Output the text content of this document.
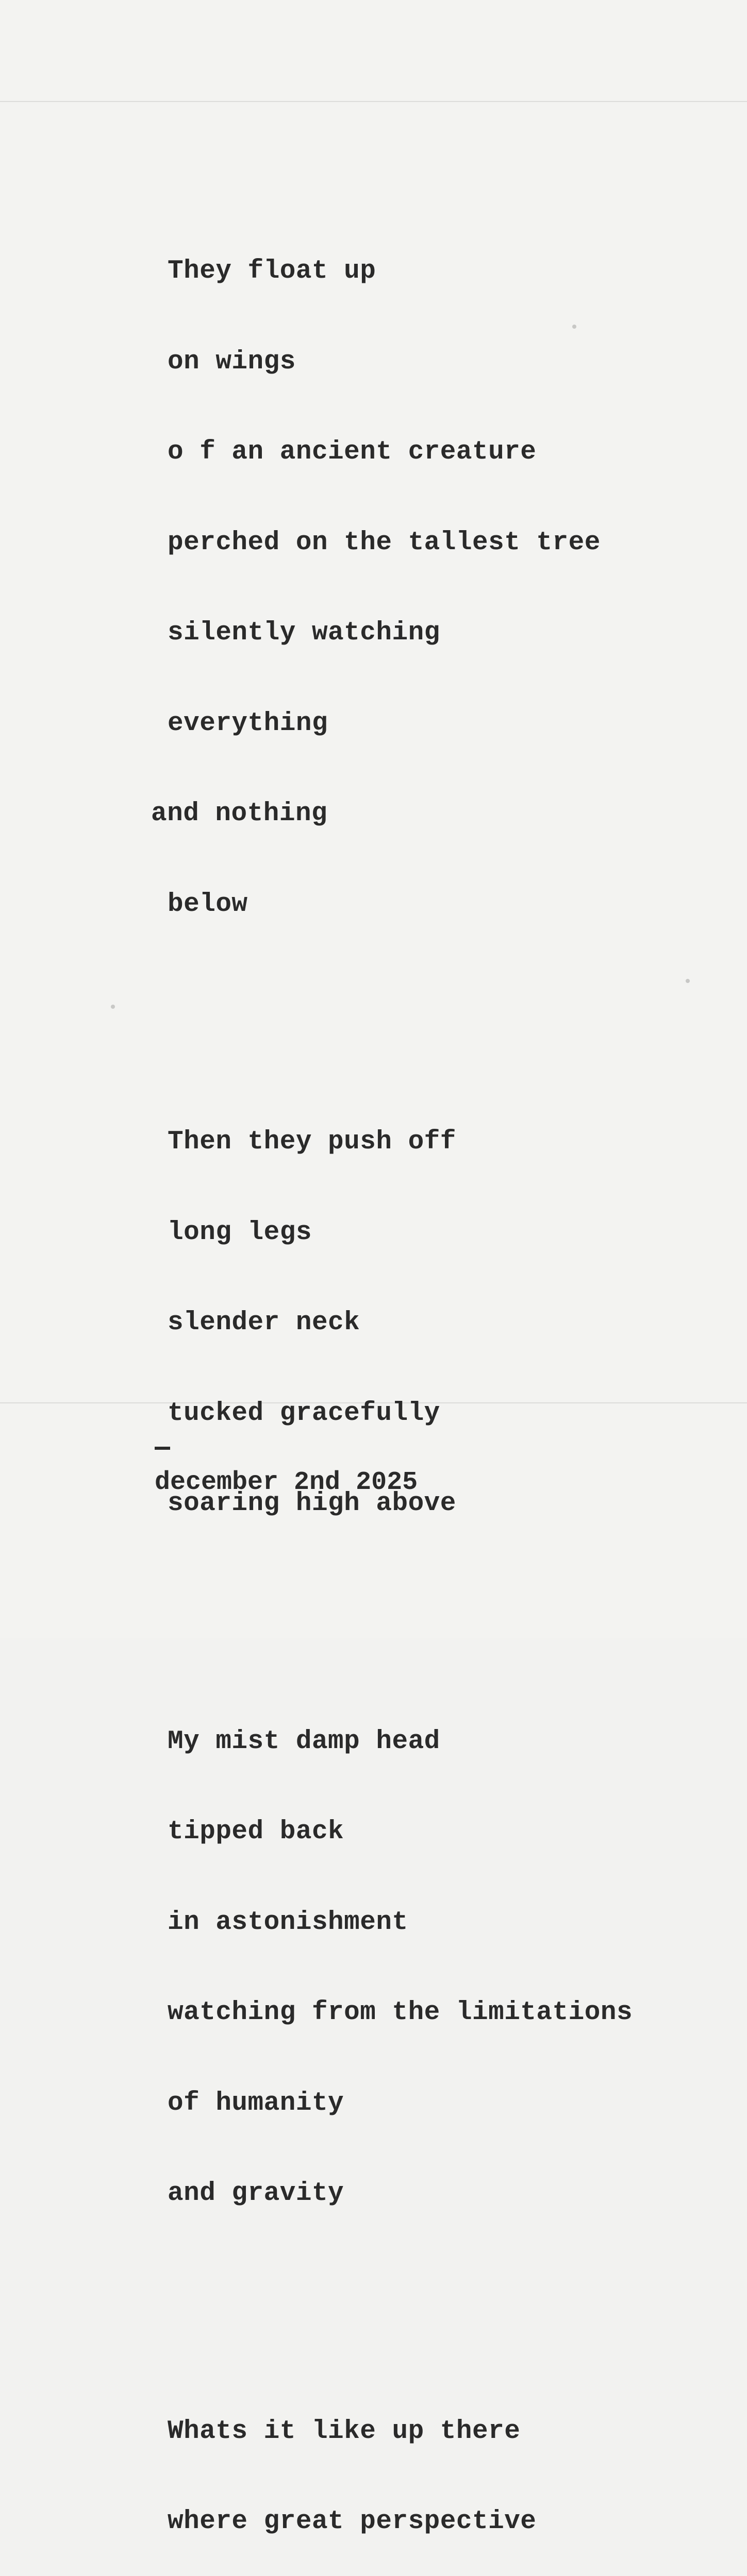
They float up

on wings

o f an ancient creature

perched on the tallest tree

silently watching

everything

and nothing

below

Then they push off

long legs

slender neck

tucked gracefully

soaring high above

My mist damp head

tipped back

in astonishment

watching from the limitations

of humanity

and gravity

Whats it like up there

where great perspective

december 2nd 2025
